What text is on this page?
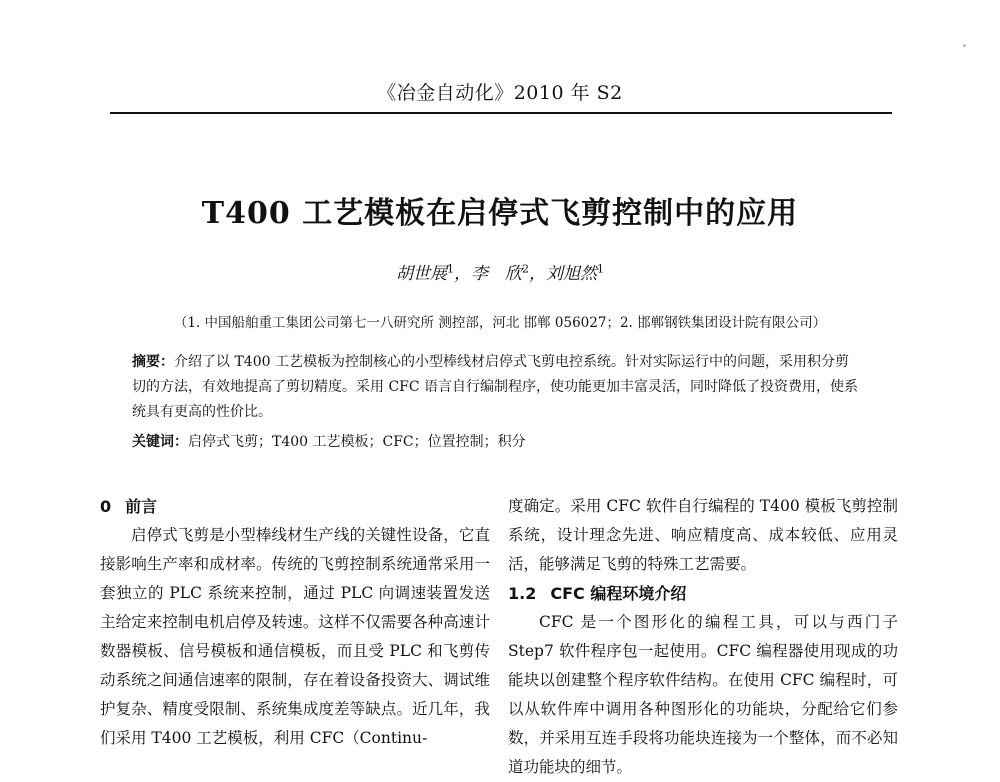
《冶金自动化》2010 年 S2
T400 工艺模板在启停式飞剪控制中的应用
胡世展$^1$，李　欣$^2$，刘旭然$^1$
（1. 中国船舶重工集团公司第七一八研究所 测控部，河北 邯郸 056027；2. 邯郸钢铁集团设计院有限公司）

摘要：介绍了以 T400 工艺模板为控制核心的小型棒线材启停式飞剪电控系统。针对实际运行中的问题，采用积分剪切的方法，有效地提高了剪切精度。采用 CFC 语言自行编制程序，使功能更加丰富灵活，同时降低了投资费用，使系统具有更高的性价比。

关键词：启停式飞剪；T400 工艺模板；CFC；位置控制；积分
0 前言

启停式飞剪是小型棒线材生产线的关键性设备，它直接影响生产率和成材率。传统的飞剪控制系统通常采用一套独立的 PLC 系统来控制，通过 PLC 向调速装置发送主给定来控制电机启停及转速。这样不仅需要各种高速计数器模板、信号模板和通信模板，而且受 PLC 和飞剪传动系统之间通信速率的限制，存在着设备投资大、调试维护复杂、精度受限制、系统集成度差等缺点。近几年，我们采用 T400 工艺模板，利用 CFC（Continu-

度确定。采用 CFC 软件自行编程的 T400 模板飞剪控制系统，设计理念先进、响应精度高、成本较低、应用灵活，能够满足飞剪的特殊工艺需要。

1.2 CFC 编程环境介绍

CFC 是一个图形化的编程工具，可以与西门子 Step7 软件程序包一起使用。CFC 编程器使用现成的功能块以创建整个程序软件结构。在使用 CFC 编程时，可以从软件库中调用各种图形化的功能块，分配给它们参数，并采用互连手段将功能块连接为一个整体，而不必知道功能块的细节。
